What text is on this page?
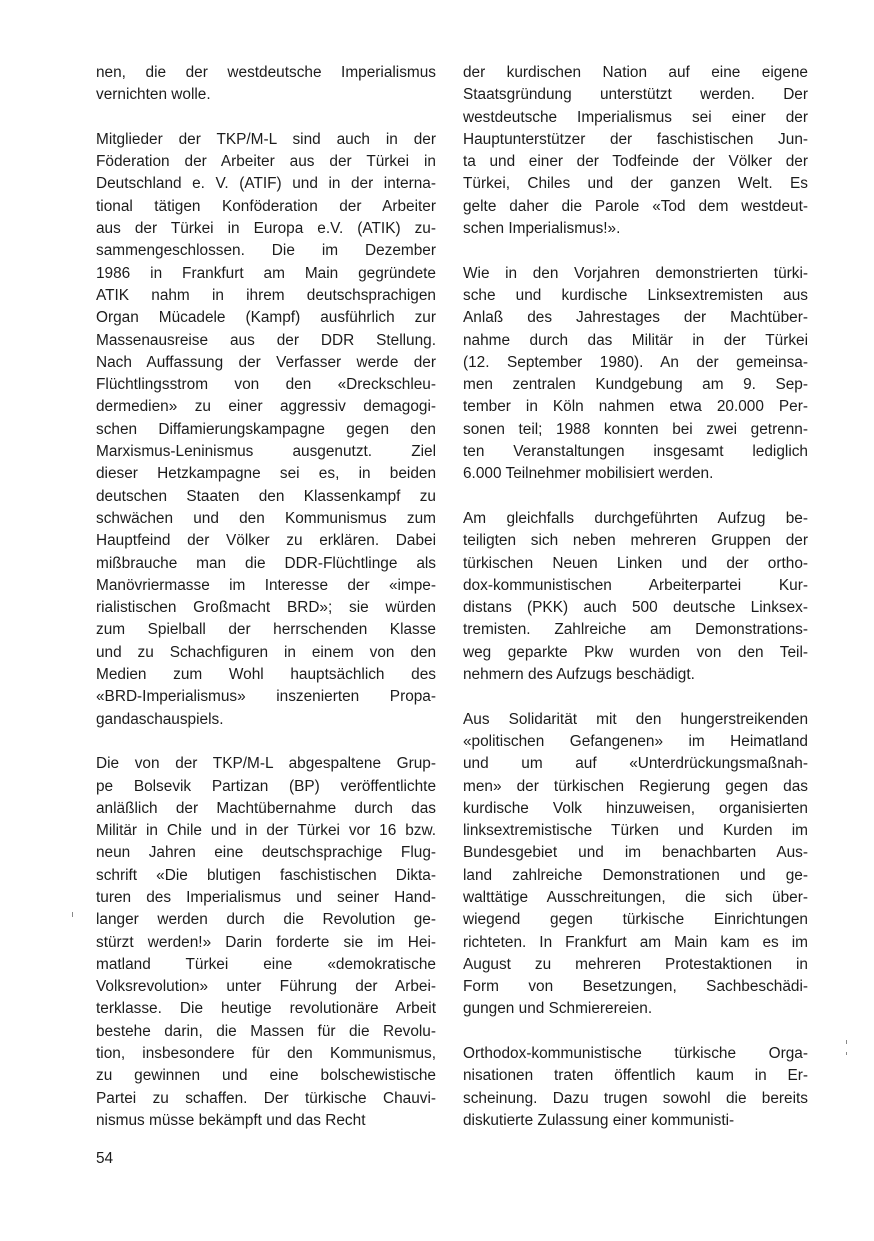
nen, die der westdeutsche Imperialismus
vernichten wolle.
Mitglieder der TKP/M-L sind auch in der
Föderation der Arbeiter aus der Türkei in
Deutschland e. V. (ATIF) und in der interna-
tional tätigen Konföderation der Arbeiter
aus der Türkei in Europa e.V. (ATIK) zu-
sammengeschlossen. Die im Dezember
1986 in Frankfurt am Main gegründete
ATIK nahm in ihrem deutschsprachigen
Organ Mücadele (Kampf) ausführlich zur
Massenausreise aus der DDR Stellung.
Nach Auffassung der Verfasser werde der
Flüchtlingsstrom von den «Dreckschleu-
dermedien» zu einer aggressiv demagogi-
schen Diffamierungskampagne gegen den
Marxismus-Leninismus ausgenutzt. Ziel
dieser Hetzkampagne sei es, in beiden
deutschen Staaten den Klassenkampf zu
schwächen und den Kommunismus zum
Hauptfeind der Völker zu erklären. Dabei
mißbrauche man die DDR-Flüchtlinge als
Manövriermasse im Interesse der «impe-
rialistischen Großmacht BRD»; sie würden
zum Spielball der herrschenden Klasse
und zu Schachfiguren in einem von den
Medien zum Wohl hauptsächlich des
«BRD-Imperialismus» inszenierten Propa-
gandaschauspiels.
Die von der TKP/M-L abgespaltene Grup-
pe Bolsevik Partizan (BP) veröffentlichte
anläßlich der Machtübernahme durch das
Militär in Chile und in der Türkei vor 16 bzw.
neun Jahren eine deutschsprachige Flug-
schrift «Die blutigen faschistischen Dikta-
turen des Imperialismus und seiner Hand-
langer werden durch die Revolution ge-
stürzt werden!» Darin forderte sie im Hei-
matland Türkei eine «demokratische
Volksrevolution» unter Führung der Arbei-
terklasse. Die heutige revolutionäre Arbeit
bestehe darin, die Massen für die Revolu-
tion, insbesondere für den Kommunismus,
zu gewinnen und eine bolschewistische
Partei zu schaffen. Der türkische Chauvi-
nismus müsse bekämpft und das Recht
der kurdischen Nation auf eine eigene
Staatsgründung unterstützt werden. Der
westdeutsche Imperialismus sei einer der
Hauptunterstützer der faschistischen Jun-
ta und einer der Todfeinde der Völker der
Türkei, Chiles und der ganzen Welt. Es
gelte daher die Parole «Tod dem westdeut-
schen Imperialismus!».
Wie in den Vorjahren demonstrierten türki-
sche und kurdische Linksextremisten aus
Anlaß des Jahrestages der Machtüber-
nahme durch das Militär in der Türkei
(12. September 1980). An der gemeinsa-
men zentralen Kundgebung am 9. Sep-
tember in Köln nahmen etwa 20.000 Per-
sonen teil; 1988 konnten bei zwei getrenn-
ten Veranstaltungen insgesamt lediglich
6.000 Teilnehmer mobilisiert werden.
Am gleichfalls durchgeführten Aufzug be-
teiligten sich neben mehreren Gruppen der
türkischen Neuen Linken und der ortho-
dox-kommunistischen Arbeiterpartei Kur-
distans (PKK) auch 500 deutsche Linksex-
tremisten. Zahlreiche am Demonstrations-
weg geparkte Pkw wurden von den Teil-
nehmern des Aufzugs beschädigt.
Aus Solidarität mit den hungerstreikenden
«politischen Gefangenen» im Heimatland
und um auf «Unterdrückungsmaßnah-
men» der türkischen Regierung gegen das
kurdische Volk hinzuweisen, organisierten
linksextremistische Türken und Kurden im
Bundesgebiet und im benachbarten Aus-
land zahlreiche Demonstrationen und ge-
walttätige Ausschreitungen, die sich über-
wiegend gegen türkische Einrichtungen
richteten. In Frankfurt am Main kam es im
August zu mehreren Protestaktionen in
Form von Besetzungen, Sachbeschädi-
gungen und Schmierereien.
Orthodox-kommunistische türkische Orga-
nisationen traten öffentlich kaum in Er-
scheinung. Dazu trugen sowohl die bereits
diskutierte Zulassung einer kommunisti-
54
